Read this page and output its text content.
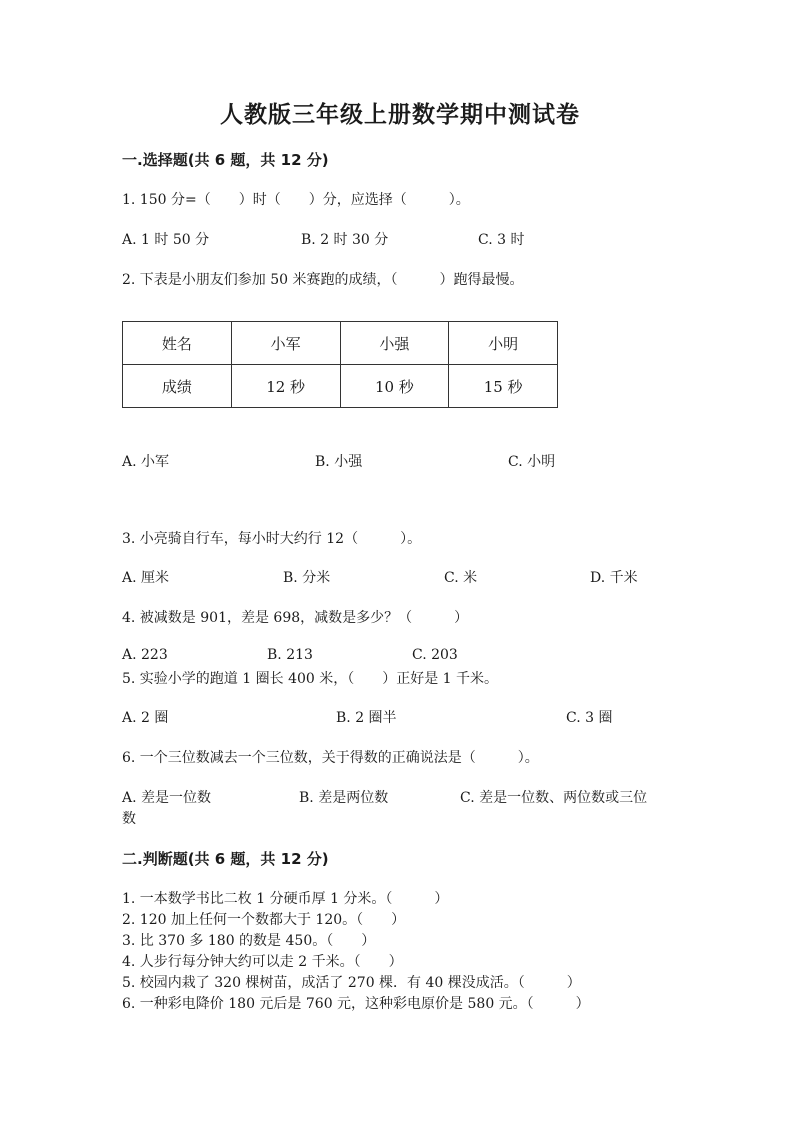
人教版三年级上册数学期中测试卷
一.选择题(共 6 题，共 12 分)
1. 150 分=（　　）时（　　）分，应选择（　　　）。
A. 1 时 50 分	B. 2 时 30 分	C. 3 时
2. 下表是小朋友们参加 50 米赛跑的成绩，（　　　）跑得最慢。
姓名	小军	小强	小明
成绩	12 秒	10 秒	15 秒
A. 小军	B. 小强	C. 小明
3. 小亮骑自行车，每小时大约行 12（　　　）。
A. 厘米	B. 分米	C. 米	D. 千米
4. 被减数是 901，差是 698，减数是多少？（　　　）
A. 223	B. 213	C. 203
5. 实验小学的跑道 1 圈长 400 米，（　　）正好是 1 千米。
A. 2 圈	B. 2 圈半	C. 3 圈
6. 一个三位数减去一个三位数，关于得数的正确说法是（　　　）。
A. 差是一位数	B. 差是两位数	C. 差是一位数、两位数或三位
数
二.判断题(共 6 题，共 12 分)
1. 一本数学书比二枚 1 分硬币厚 1 分米。（　　　）
2. 120 加上任何一个数都大于 120。（　　）
3. 比 370 多 180 的数是 450。（　　）
4. 人步行每分钟大约可以走 2 千米。（　　）
5. 校园内栽了 320 棵树苗，成活了 270 棵．有 40 棵没成活。（　　　）
6. 一种彩电降价 180 元后是 760 元，这种彩电原价是 580 元。（　　　）
